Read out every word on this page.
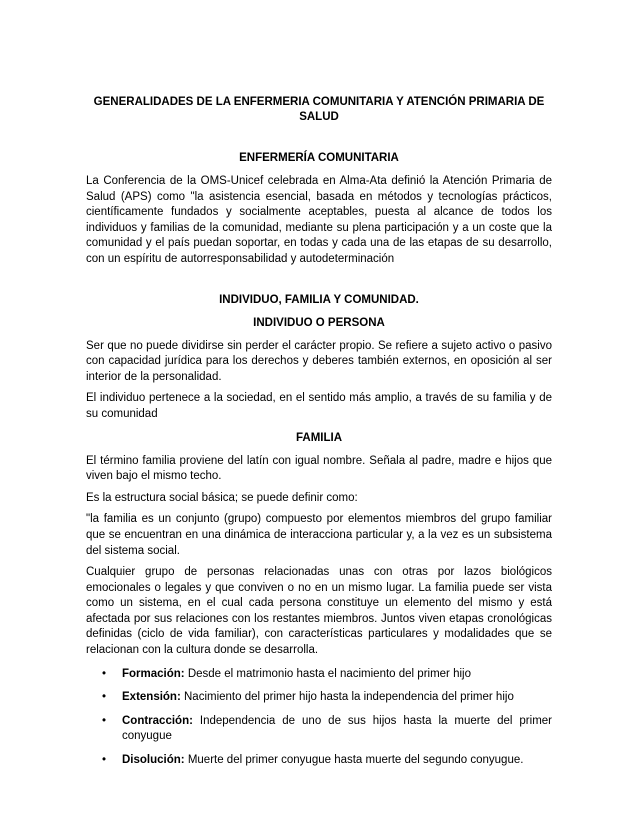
GENERALIDADES DE LA ENFERMERIA COMUNITARIA Y ATENCIÓN PRIMARIA DE SALUD
ENFERMERÍA COMUNITARIA

La Conferencia de la OMS-Unicef celebrada en Alma-Ata definió la Atención Primaria de Salud (APS) como "la asistencia esencial, basada en métodos y tecnologías prácticos, científicamente fundados y socialmente aceptables, puesta al alcance de todos los individuos y familias de la comunidad, mediante su plena participación y a un coste que la comunidad y el país puedan soportar, en todas y cada una de las etapas de su desarrollo, con un espíritu de autorresponsabilidad y autodeterminación

INDIVIDUO, FAMILIA Y COMUNIDAD.
INDIVIDUO O PERSONA

Ser que no puede dividirse sin perder el carácter propio. Se refiere a sujeto activo o pasivo con capacidad jurídica para los derechos y deberes también externos, en oposición al ser interior de la personalidad.

El individuo pertenece a la sociedad, en el sentido más amplio, a través de su familia y de su comunidad

FAMILIA

El término familia proviene del latín con igual nombre. Señala al padre, madre e hijos que viven bajo el mismo techo.

Es la estructura social básica; se puede definir como:

"la familia es un conjunto (grupo) compuesto por elementos miembros del grupo familiar que se encuentran en una dinámica de interacciona particular y, a la vez es un subsistema del sistema social.

Cualquier grupo de personas relacionadas unas con otras por lazos biológicos emocionales o legales y que conviven o no en un mismo lugar. La familia puede ser vista como un sistema, en el cual cada persona constituye un elemento del mismo y está afectada por sus relaciones con los restantes miembros. Juntos viven etapas cronológicas definidas (ciclo de vida familiar), con características particulares y modalidades que se relacionan con la cultura donde se desarrolla.

• Formación: Desde el matrimonio hasta el nacimiento del primer hijo
• Extensión: Nacimiento del primer hijo hasta la independencia del primer hijo
• Contracción: Independencia de uno de sus hijos hasta la muerte del primer conyugue
• Disolución: Muerte del primer conyugue hasta muerte del segundo conyugue.
